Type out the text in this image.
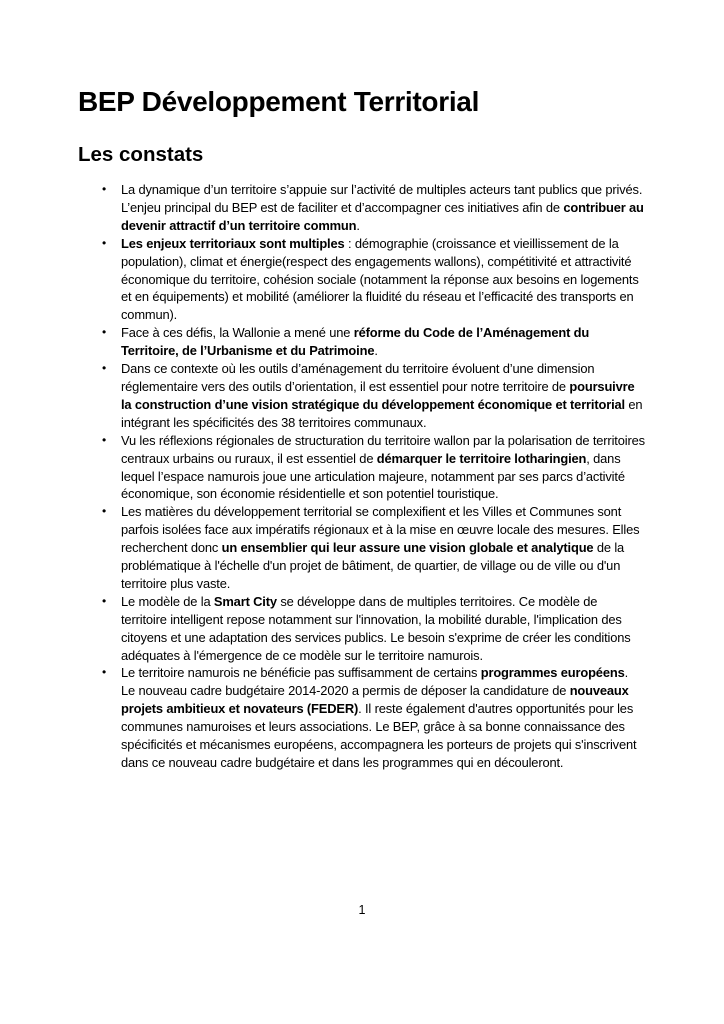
BEP Développement Territorial
Les constats
• La dynamique d’un territoire s’appuie sur l’activité de multiples acteurs tant publics que privés. L’enjeu principal du BEP est de faciliter et d’accompagner ces initiatives afin de contribuer au devenir attractif d’un territoire commun.
• Les enjeux territoriaux sont multiples : démographie (croissance et vieillissement de la population), climat et énergie(respect des engagements wallons), compétitivité et attractivité économique du territoire, cohésion sociale (notamment la réponse aux besoins en logements et en équipements) et mobilité (améliorer la fluidité du réseau et l’efficacité des transports en commun).
• Face à ces défis, la Wallonie a mené une réforme du Code de l’Aménagement du Territoire, de l’Urbanisme et du Patrimoine.
• Dans ce contexte où les outils d’aménagement du territoire évoluent d’une dimension réglementaire vers des outils d’orientation, il est essentiel pour notre territoire de poursuivre la construction d’une vision stratégique du développement économique et territorial en intégrant les spécificités des 38 territoires communaux.
• Vu les réflexions régionales de structuration du territoire wallon par la polarisation de territoires centraux urbains ou ruraux, il est essentiel de démarquer le territoire lotharingien, dans lequel l’espace namurois joue une articulation majeure, notamment par ses parcs d’activité économique, son économie résidentielle et son potentiel touristique.
• Les matières du développement territorial se complexifient et les Villes et Communes sont parfois isolées face aux impératifs régionaux et à la mise en œuvre locale des mesures. Elles recherchent donc un ensemblier qui leur assure une vision globale et analytique de la problématique à l'échelle d'un projet de bâtiment, de quartier, de village ou de ville ou d'un territoire plus vaste.
• Le modèle de la Smart City se développe dans de multiples territoires. Ce modèle de territoire intelligent repose notamment sur l'innovation, la mobilité durable, l'implication des citoyens et une adaptation des services publics. Le besoin s'exprime de créer les conditions adéquates à l'émergence de ce modèle sur le territoire namurois.
• Le territoire namurois ne bénéficie pas suffisamment de certains programmes européens. Le nouveau cadre budgétaire 2014-2020 a permis de déposer la candidature de nouveaux projets ambitieux et novateurs (FEDER). Il reste également d'autres opportunités pour les communes namuroises et leurs associations. Le BEP, grâce à sa bonne connaissance des spécificités et mécanismes européens, accompagnera les porteurs de projets qui s'inscrivent dans ce nouveau cadre budgétaire et dans les programmes qui en découleront.
1
